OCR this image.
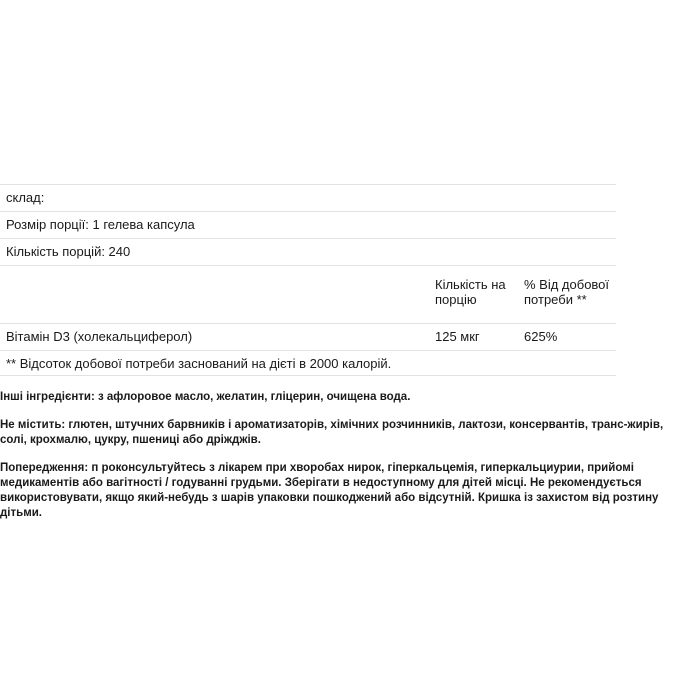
склад:
Розмір порції: 1 гелева капсула
Кількість порцій: 240
Кількість на порцію
% Від добової потреби **
Вітамін D3 (холекальциферол)	125 мкг	625%
** Відсоток добової потреби заснований на дієті в 2000 калорій.

Інші інгредієнти: з афлоровое масло, желатин, гліцерин, очищена вода.

Не містить: глютен, штучних барвників і ароматизаторів, хімічних розчинників, лактози, консервантів, транс-жирів, солі, крохмалю, цукру, пшениці або дріжджів.

Попередження: п роконсультуйтесь з лікарем при хворобах нирок, гіперкальцемія, гиперкальциурии, прийомі медикаментів або вагітності / годуванні грудьми. Зберігати в недоступному для дітей місці. Не рекомендується використовувати, якщо який-небудь з шарів упаковки пошкоджений або відсутній. Кришка із захистом від розтину дітьми.
